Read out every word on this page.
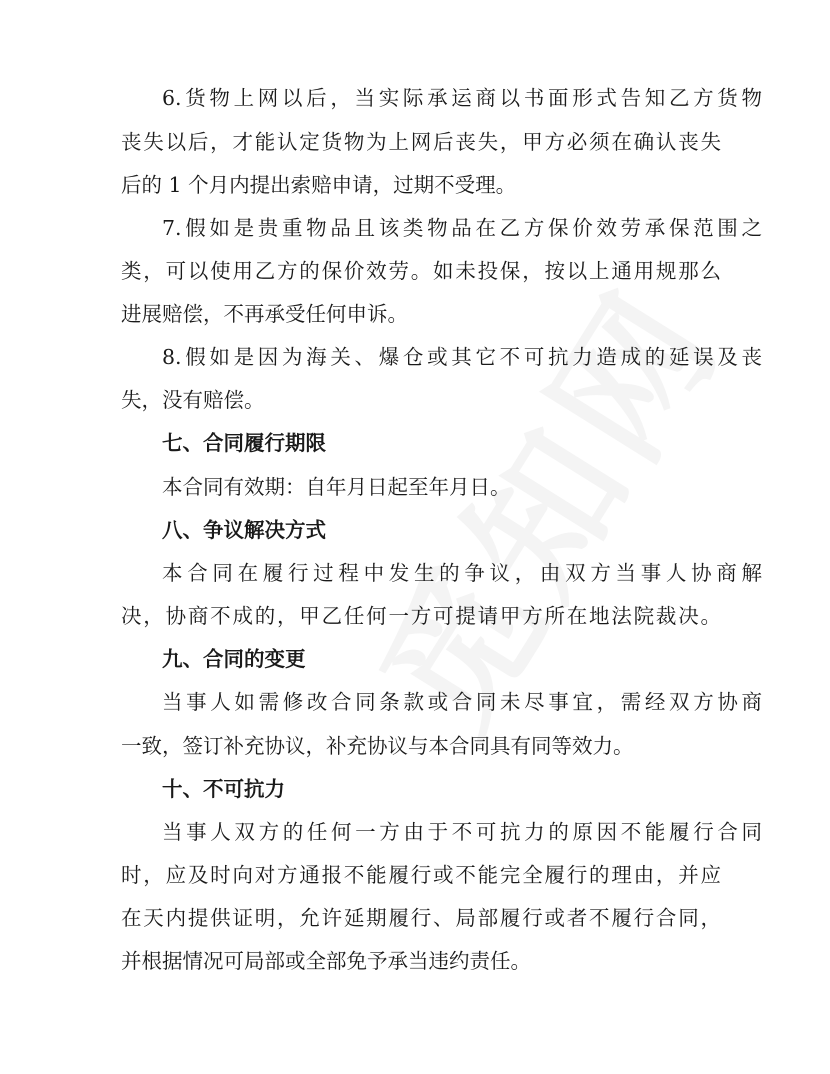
6.货物上网以后，当实际承运商以书面形式告知乙方货物
丧失以后，才能认定货物为上网后丧失，甲方必须在确认丧失
后的 1 个月内提出索赔申请，过期不受理。
7.假如是贵重物品且该类物品在乙方保价效劳承保范围之
类，可以使用乙方的保价效劳。如未投保，按以上通用规那么
进展赔偿，不再承受任何申诉。
8.假如是因为海关、爆仓或其它不可抗力造成的延误及丧
失，没有赔偿。
七、合同履行期限
本合同有效期：自年月日起至年月日。
八、争议解决方式
本合同在履行过程中发生的争议，由双方当事人协商解
决，协商不成的，甲乙任何一方可提请甲方所在地法院裁决。
九、合同的变更
当事人如需修改合同条款或合同未尽事宜，需经双方协商
一致，签订补充协议，补充协议与本合同具有同等效力。
十、不可抗力
当事人双方的任何一方由于不可抗力的原因不能履行合同
时，应及时向对方通报不能履行或不能完全履行的理由，并应
在天内提供证明，允许延期履行、局部履行或者不履行合同，
并根据情况可局部或全部免予承当违约责任。
